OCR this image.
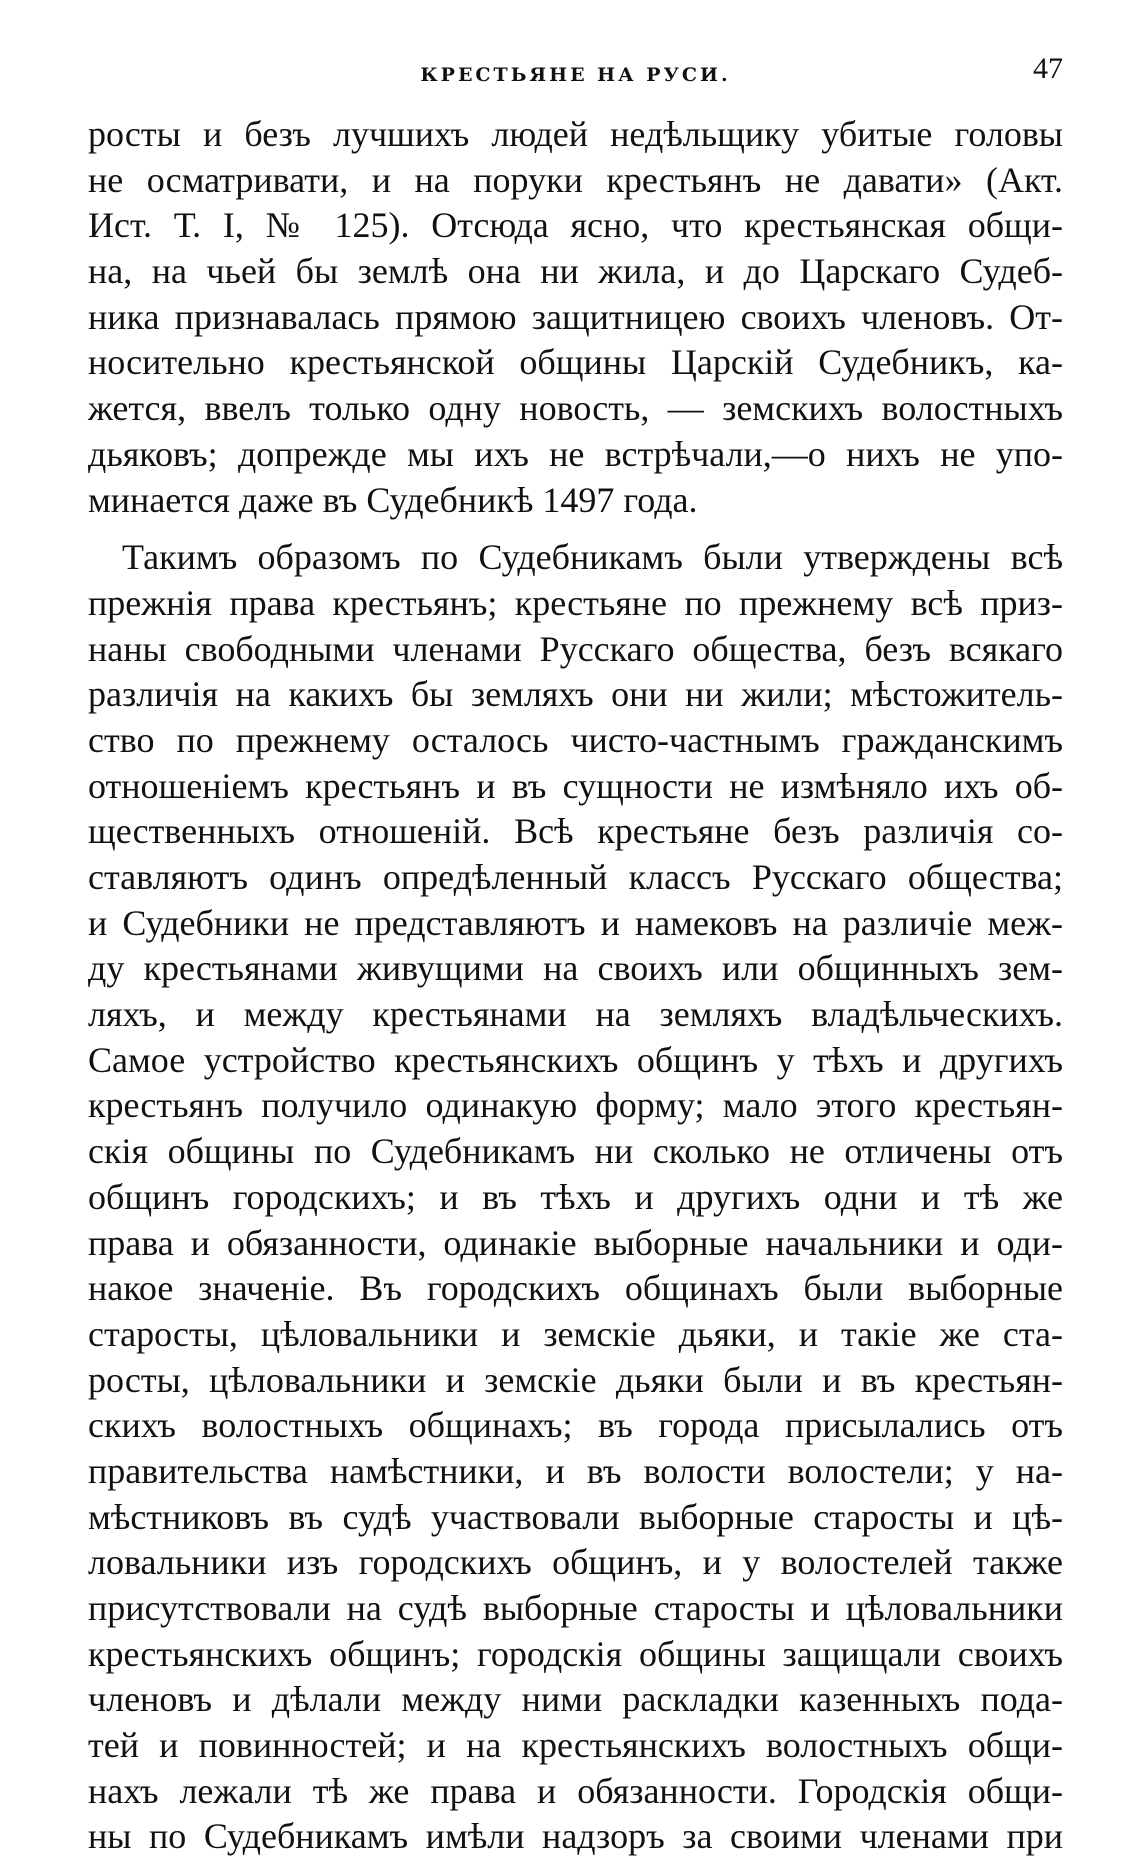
КРЕСТЬЯНЕ НА РУСИ.	47
росты и безъ лучшихъ людей недѣльщику убитые головы
не осматривати, и на поруки крестьянъ не давати» (Акт.
Ист. Т. I, № 125). Отсюда ясно, что крестьянская общи-
на, на чьей бы землѣ она ни жила, и до Царскаго Судеб-
ника признавалась прямою защитницею своихъ членовъ. От-
носительно крестьянской общины Царскій Судебникъ, ка-
жется, ввелъ только одну новость, — земскихъ волостныхъ
дьяковъ; допрежде мы ихъ не встрѣчали,—о нихъ не упо-
минается даже въ Судебникѣ 1497 года.
Такимъ образомъ по Судебникамъ были утверждены всѣ
прежнія права крестьянъ; крестьяне по прежнему всѣ приз-
наны свободными членами Русскаго общества, безъ всякаго
различія на какихъ бы земляхъ они ни жили; мѣстожитель-
ство по прежнему осталось чисто-частнымъ гражданскимъ
отношеніемъ крестьянъ и въ сущности не измѣняло ихъ об-
щественныхъ отношеній. Всѣ крестьяне безъ различія со-
ставляютъ одинъ опредѣленный классъ Русскаго общества;
и Судебники не представляютъ и намековъ на различіе меж-
ду крестьянами живущими на своихъ или общинныхъ зем-
ляхъ, и между крестьянами на земляхъ владѣльческихъ.
Самое устройство крестьянскихъ общинъ у тѣхъ и другихъ
крестьянъ получило одинакую форму; мало этого крестьян-
скія общины по Судебникамъ ни сколько не отличены отъ
общинъ городскихъ; и въ тѣхъ и другихъ одни и тѣ же
права и обязанности, одинакіе выборные начальники и оди-
накое значеніе. Въ городскихъ общинахъ были выборные
старосты, цѣловальники и земскіе дьяки, и такіе же ста-
росты, цѣловальники и земскіе дьяки были и въ крестьян-
скихъ волостныхъ общинахъ; въ города присылались отъ
правительства намѣстники, и въ волости волостели; у на-
мѣстниковъ въ судѣ участвовали выборные старосты и цѣ-
ловальники изъ городскихъ общинъ, и у волостелей также
присутствовали на судѣ выборные старосты и цѣловальники
крестьянскихъ общинъ; городскія общины защищали своихъ
членовъ и дѣлали между ними раскладки казенныхъ пода-
тей и повинностей; и на крестьянскихъ волостныхъ общи-
нахъ лежали тѣ же права и обязанности. Городскія общи-
ны по Судебникамъ имѣли надзоръ за своими членами при
